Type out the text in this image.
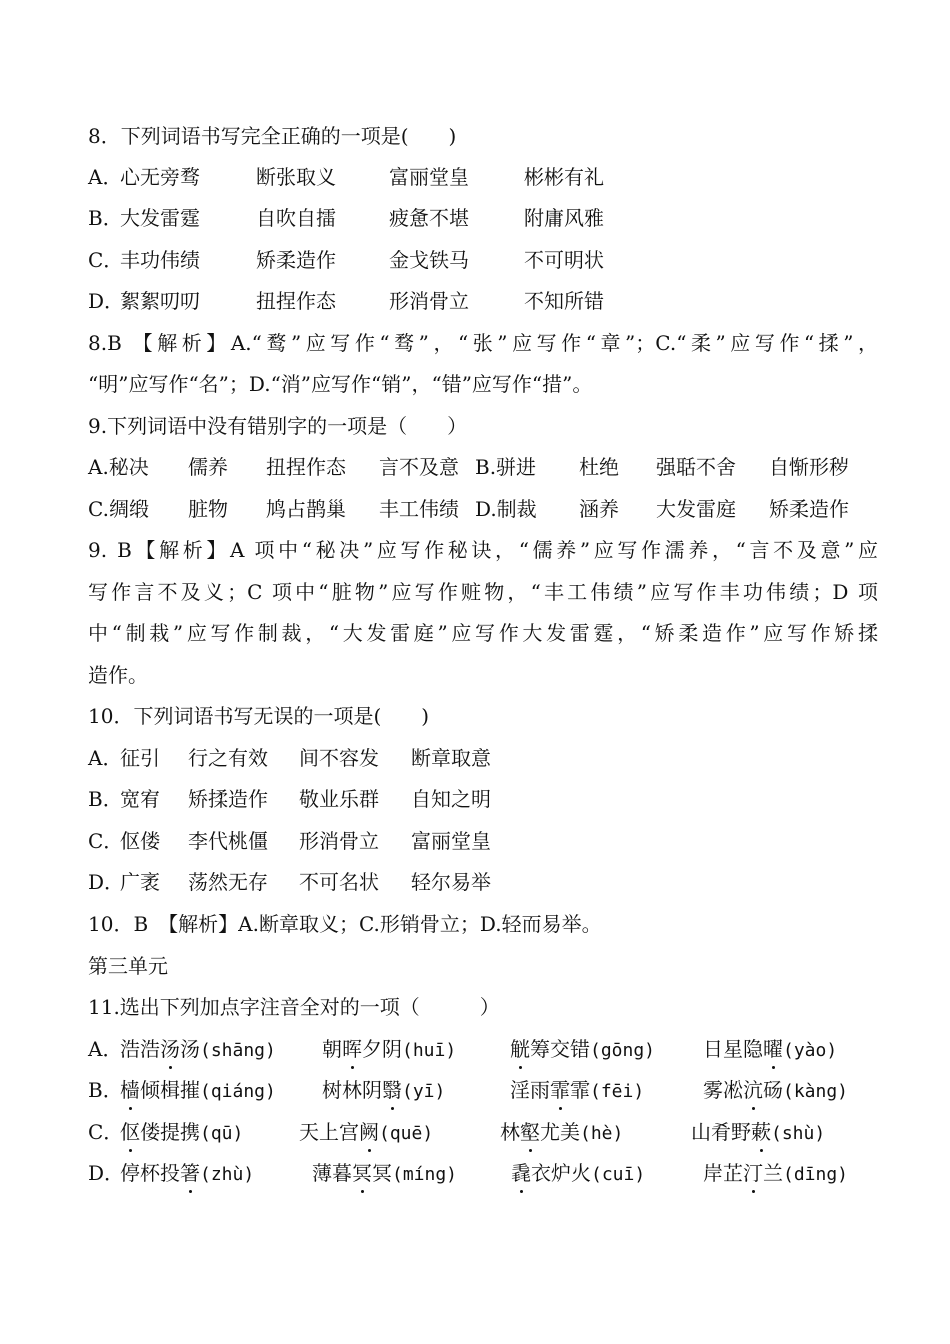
8．下列词语书写完全正确的一项是(　　)
A．
心无旁骛	断张取义	富丽堂皇	彬彬有礼
B．
大发雷霆	自吹自擂	疲惫不堪	附庸风雅
C．
丰功伟绩	矫柔造作	金戈铁马	不可明状
D．
絮絮叨叨	扭捏作态	形消骨立	不知所错
8.B 【解析】A.“鹜”应写作“骛”，“张”应写作“章”；C.“柔”应写作“揉”，
“明”应写作“名”；D.“消”应写作“销”，“错”应写作“措”。
9.下列词语中没有错别字的一项是（　　）
A.秘决 儒养 扭捏作态 言不及意 B.骈进 杜绝 强聒不舍 自惭形秽
C.绸缎 脏物 鸠占鹊巢 丰工伟绩 D.制裁 涵养 大发雷庭 矫柔造作
9. B【解析】A 项中“秘决”应写作秘诀，“儒养”应写作濡养，“言不及意”应
写作言不及义；C 项中“脏物”应写作赃物，“丰工伟绩”应写作丰功伟绩；D 项
中“制栽”应写作制裁，“大发雷庭”应写作大发雷霆，“矫柔造作”应写作矫揉
造作。
10．下列词语书写无误的一项是(　　)
A．
征引 行之有效 间不容发 断章取意
B．
宽宥 矫揉造作 敬业乐群 自知之明
C．
伛偻 李代桃僵 形消骨立 富丽堂皇
D．
广袤 荡然无存 不可名状 轻尔易举
10．B　【解析】A.断章取义；C.形销骨立；D.轻而易举。
第三单元
11.选出下列加点字注音全对的一项（　　　）
A．
浩浩汤汤(shāng) 朝晖夕阴(huī)	觥筹交错(gōng) 日星隐曜(yào)
B．
樯倾楫摧(qiáng) 树林阴翳(yī)	淫雨霏霏(fēi)	雾凇沆砀(kàng)
C．
伛偻提携(qū)	天上宫阙(quē)	林壑尤美(hè)	山肴野蔌(shù)
D．
停杯投箸(zhù)	薄暮冥冥(míng)	毳衣炉火(cuī)	岸芷汀兰(dīng)
